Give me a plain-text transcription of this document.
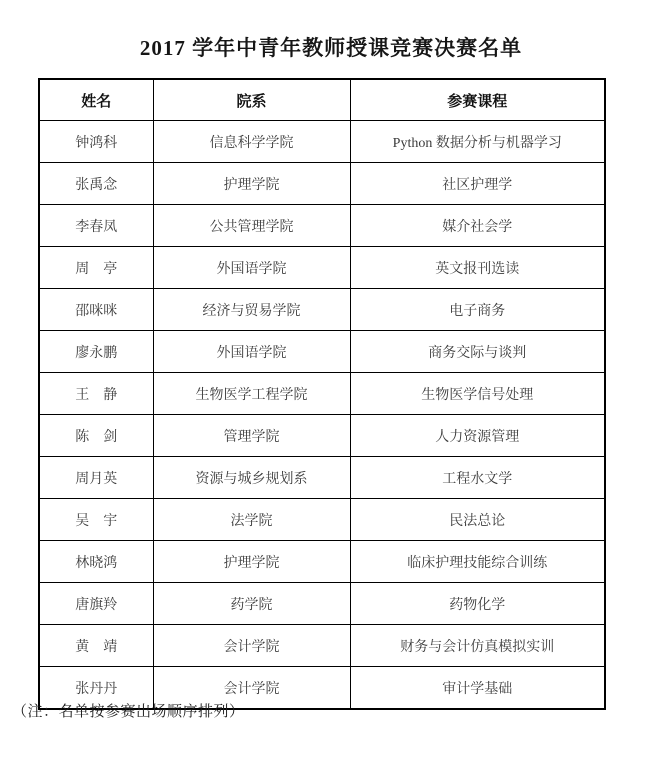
2017 学年中青年教师授课竞赛决赛名单
姓名	院系	参赛课程
钟鸿科	信息科学学院	Python 数据分析与机器学习
张禹念	护理学院	社区护理学
李春凤	公共管理学院	媒介社会学
周　亭	外国语学院	英文报刊选读
邵咪咪	经济与贸易学院	电子商务
廖永鹏	外国语学院	商务交际与谈判
王　静	生物医学工程学院	生物医学信号处理
陈　剑	管理学院	人力资源管理
周月英	资源与城乡规划系	工程水文学
吴　宇	法学院	民法总论
林晓鸿	护理学院	临床护理技能综合训练
唐旗羚	药学院	药物化学
黄　靖	会计学院	财务与会计仿真模拟实训
张丹丹	会计学院	审计学基础
（注：名单按参赛出场顺序排列）
